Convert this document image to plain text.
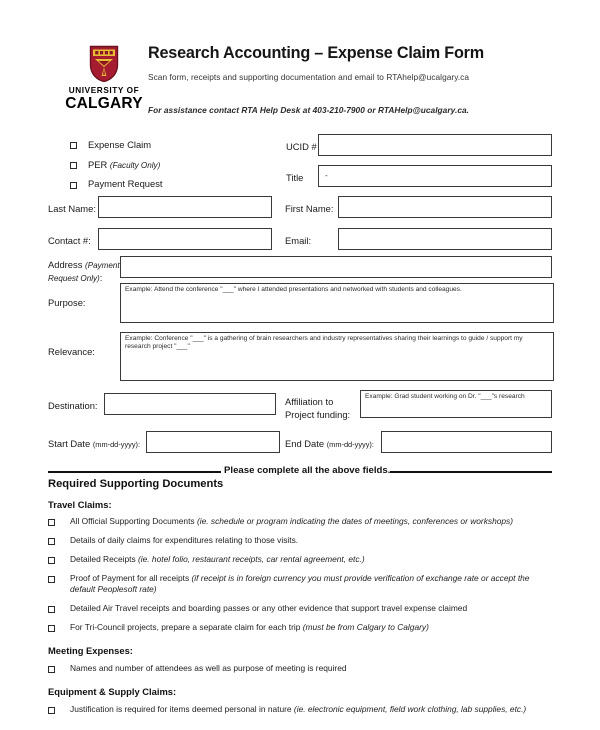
UNIVERSITY OF
CALGARY
Research Accounting – Expense Claim Form
Scan form, receipts and supporting documentation and email to RTAhelp@ucalgary.ca
For assistance contact RTA Help Desk at 403-210-7900 or RTAHelp@ucalgary.ca.
Expense Claim
PER (Faculty Only)
Payment Request
UCID #
Title	-
Last Name:	First Name:
Contact #:	Email:
Address (Payment
Request Only):
Purpose:
Example: Attend the conference "___" where I attended presentations and networked with students and colleagues.
Relevance:
Example: Conference "___" is a gathering of brain researchers and industry representatives sharing their learnings to guide / support my research project "___"
Destination:	Affiliation to
Project funding:
Example: Grad student working on Dr. "___"s research
Start Date (mm-dd-yyyy):	End Date (mm-dd-yyyy):
Please complete all the above fields.
Required Supporting Documents
Travel Claims:
All Official Supporting Documents (ie. schedule or program indicating the dates of meetings, conferences or workshops)
Details of daily claims for expenditures relating to those visits.
Detailed Receipts (ie. hotel folio, restaurant receipts, car rental agreement, etc.)
Proof of Payment for all receipts (if receipt is in foreign currency you must provide verification of exchange rate or accept the default Peoplesoft rate)
Detailed Air Travel receipts and boarding passes or any other evidence that support travel expense claimed
For Tri-Council projects, prepare a separate claim for each trip (must be from Calgary to Calgary)
Meeting Expenses:
Names and number of attendees as well as purpose of meeting is required
Equipment & Supply Claims:
Justification is required for items deemed personal in nature (ie. electronic equipment, field work clothing, lab supplies, etc.)
